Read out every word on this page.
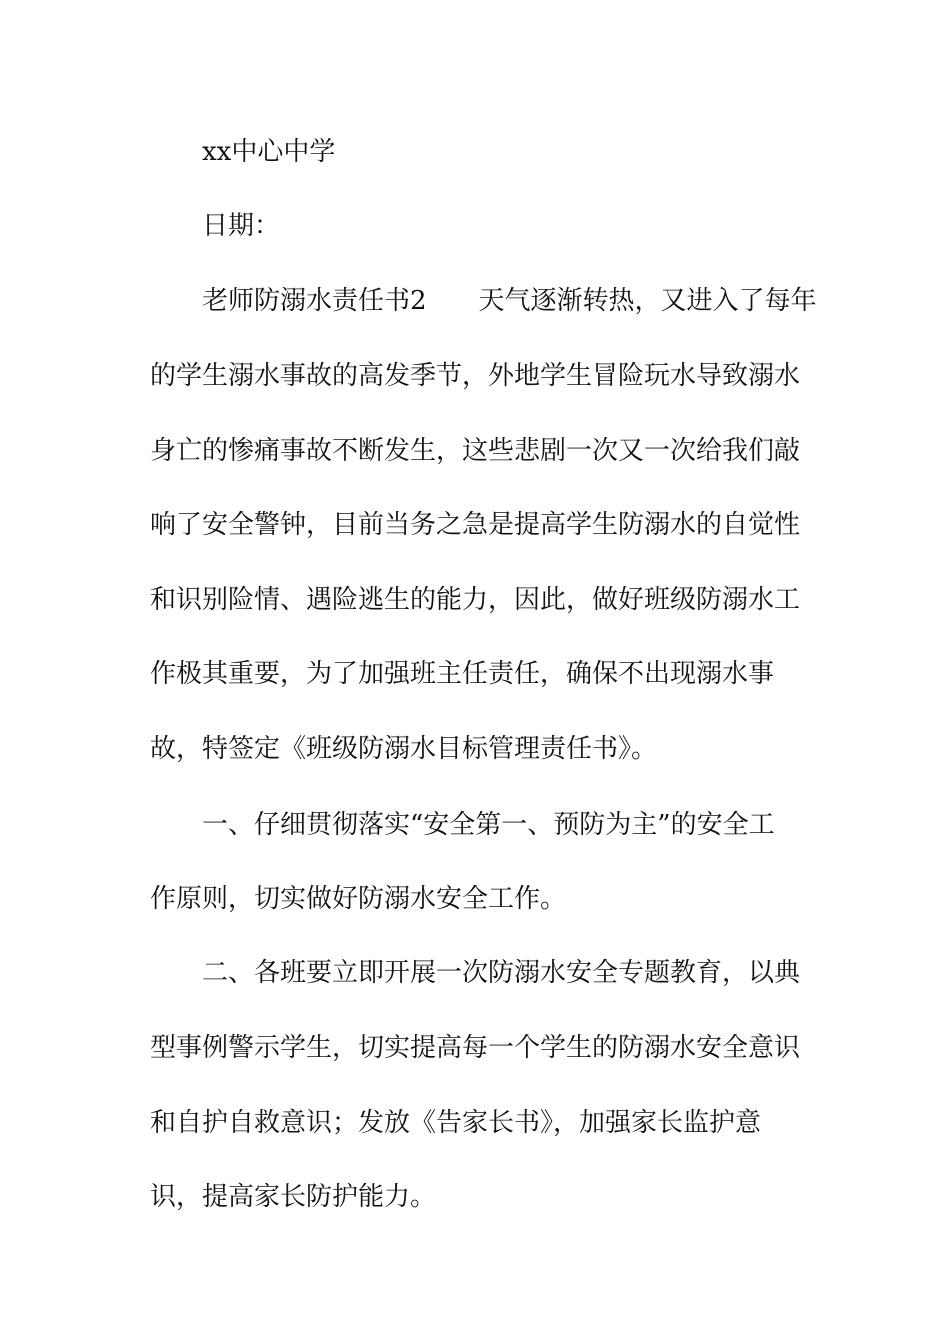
xx中心中学

日期：

老师防溺水责任书2　　天气逐渐转热，又进入了每年

的学生溺水事故的高发季节，外地学生冒险玩水导致溺水

身亡的惨痛事故不断发生，这些悲剧一次又一次给我们敲

响了安全警钟，目前当务之急是提高学生防溺水的自觉性

和识别险情、遇险逃生的能力，因此，做好班级防溺水工

作极其重要，为了加强班主任责任，确保不出现溺水事

故，特签定《班级防溺水目标管理责任书》。

一、仔细贯彻落实“安全第一、预防为主”的安全工

作原则，切实做好防溺水安全工作。

二、各班要立即开展一次防溺水安全专题教育，以典

型事例警示学生，切实提高每一个学生的防溺水安全意识

和自护自救意识；发放《告家长书》，加强家长监护意

识，提高家长防护能力。
